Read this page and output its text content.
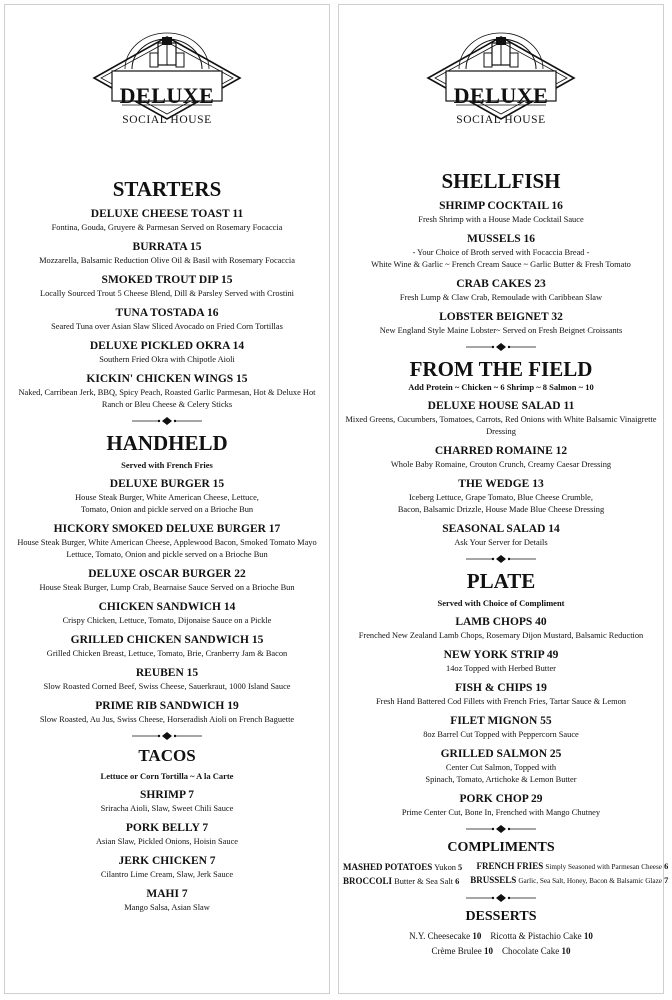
DELUXE
SOCIAL HOUSE
STARTERS
DELUXE CHEESE TOAST 11
Fontina, Gouda, Gruyere & Parmesan Served on Rosemary Focaccia
BURRATA 15
Mozzarella, Balsamic Reduction Olive Oil & Basil with Rosemary Focaccia
SMOKED TROUT DIP 15
Locally Sourced Trout 5 Cheese Blend, Dill & Parsley Served with Crostini
TUNA TOSTADA 16
Seared Tuna over Asian Slaw Sliced Avocado on Fried Corn Tortillas
DELUXE PICKLED OKRA 14
Southern Fried Okra with Chipotle Aioli
KICKIN' CHICKEN WINGS 15
Naked, Carribean Jerk, BBQ, Spicy Peach, Roasted Garlic Parmesan, Hot & Deluxe Hot
Ranch or Bleu Cheese & Celery Sticks
HANDHELD
Served with French Fries
DELUXE BURGER 15
House Steak Burger, White American Cheese, Lettuce,
Tomato, Onion and pickle served on a Brioche Bun
HICKORY SMOKED DELUXE BURGER 17
House Steak Burger, White American Cheese, Applewood Bacon, Smoked Tomato Mayo
Lettuce, Tomato, Onion and pickle served on a Brioche Bun
DELUXE OSCAR BURGER 22
House Steak Burger, Lump Crab, Bearnaise Sauce Served on a Brioche Bun
CHICKEN SANDWICH 14
Crispy Chicken, Lettuce, Tomato, Dijonaise Sauce on a Pickle
GRILLED CHICKEN SANDWICH 15
Grilled Chicken Breast, Lettuce, Tomato, Brie, Cranberry Jam & Bacon
REUBEN 15
Slow Roasted Corned Beef, Swiss Cheese, Sauerkraut, 1000 Island Sauce
PRIME RIB SANDWICH 19
Slow Roasted, Au Jus, Swiss Cheese, Horseradish Aioli on French Baguette
TACOS
Lettuce or Corn Tortilla ~ A la Carte
SHRIMP 7
Sriracha Aioli, Slaw, Sweet Chili Sauce
PORK BELLY 7
Asian Slaw, Pickled Onions, Hoisin Sauce
JERK CHICKEN 7
Cilantro Lime Cream, Slaw, Jerk Sauce
MAHI 7
Mango Salsa, Asian Slaw
DELUXE
SOCIAL HOUSE
SHELLFISH
SHRIMP COCKTAIL 16
Fresh Shrimp with a House Made Cocktail Sauce
MUSSELS 16
- Your Choice of Broth served with Focaccia Bread -
White Wine & Garlic ~ French Cream Sauce ~ Garlic Butter & Fresh Tomato
CRAB CAKES 23
Fresh Lump & Claw Crab, Remoulade with Caribbean Slaw
LOBSTER BEIGNET 32
New England Style Maine Lobster~ Served on Fresh Beignet Croissants
FROM THE FIELD
Add Protein ~ Chicken ~ 6 Shrimp ~ 8 Salmon ~ 10
DELUXE HOUSE SALAD 11
Mixed Greens, Cucumbers, Tomatoes, Carrots, Red Onions with White Balsamic Vinaigrette Dressing
CHARRED ROMAINE 12
Whole Baby Romaine, Crouton Crunch, Creamy Caesar Dressing
THE WEDGE 13
Iceberg Lettuce, Grape Tomato, Blue Cheese Crumble,
Bacon, Balsamic Drizzle, House Made Blue Cheese Dressing
SEASONAL SALAD 14
Ask Your Server for Details
PLATE
Served with Choice of Compliment
LAMB CHOPS 40
Frenched New Zealand Lamb Chops, Rosemary Dijon Mustard, Balsamic Reduction
NEW YORK STRIP 49
14oz Topped with Herbed Butter
FISH & CHIPS 19
Fresh Hand Battered Cod Fillets with French Fries, Tartar Sauce & Lemon
FILET MIGNON 55
8oz Barrel Cut Topped with Peppercorn Sauce
GRILLED SALMON 25
Center Cut Salmon, Topped with
Spinach, Tomato, Artichoke & Lemon Butter
PORK CHOP 29
Prime Center Cut, Bone In, Frenched with Mango Chutney
COMPLIMENTS
MASHED POTATOES Yukon 5	FRENCH FRIES Simply Seasoned with Parmesan Cheese 6
BROCCOLI Butter & Sea Salt 6	BRUSSELS Garlic, Sea Salt, Honey, Bacon & Balsamic Glaze 7
DESSERTS
N.Y. Cheesecake 10 Ricotta & Pistachio Cake 10
Crème Brulee 10 Chocolate Cake 10
